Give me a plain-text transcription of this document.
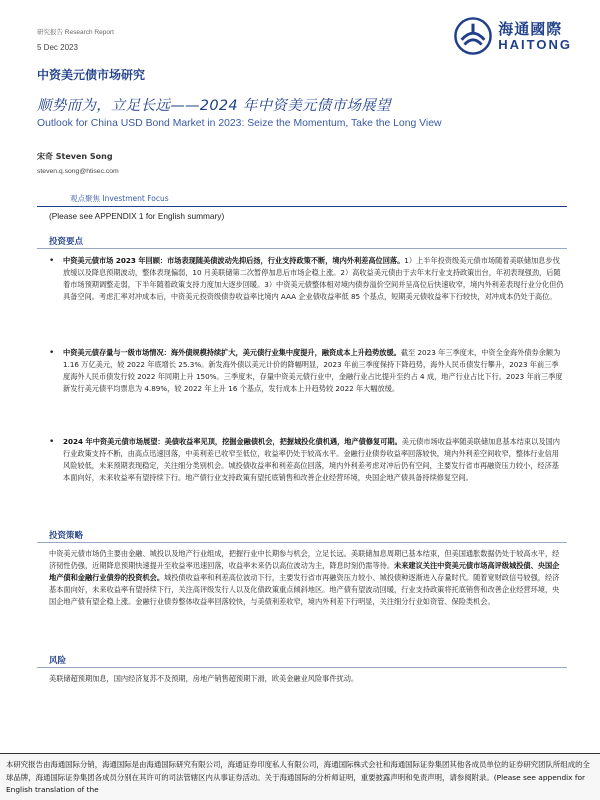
研究报告 Research Report
5 Dec 2023
海通國際
HAITONG
中资美元债市场研究
顺势而为，立足长远——2024 年中资美元债市场展望
Outlook for China USD Bond Market in 2023: Seize the Momentum, Take the Long View
宋奇 Steven Song
steven.q.song@htisec.com
观点聚焦 Investment Focus
(Please see APPENDIX 1 for English summary)
投资要点
• 中资美元债市场 2023 年回顾：市场表现随美债波动先抑后扬，行业支持政策不断，境内外利差高位回落。1）上半年投资级美元债市场随着美联储加息步伐放缓以及降息预期波动，整体表现偏弱，10 月美联储第二次暂停加息后市场企稳上涨。2）高收益美元债由于去年末行业支持政策出台，年初表现强劲，后随着市场预期调整走弱，下半年随着政策支持力度加大逐步回暖。3）中资美元债整体相对境内债券溢价空间并呈高位后快速收窄，境内外利差表现行业分化但仍具备空间。考虑汇率对冲成本后，中资美元投资级债券收益率比境内 AAA 企业债收益率低 85 个基点，短期美元债收益率下行较快，对冲成本仍处于高位。
• 中资美元债存量与一级市场情况：海外债规模持续扩大，美元债行业集中度提升，融资成本上升趋势放缓。截至 2023 年三季度末，中资全金海外债券余额为 1.16 万亿美元，较 2022 年底增长 25.3%。新发海外债以美元计价的降幅明显，2023 年前三季度保持下降趋势，海外人民币债发行攀升，2023 年前三季度海外人民币债发行较 2022 年同期上升 150%。三季度末，存量中资美元债行业中，金融行业占比提升至约占 4 成，地产行业占比下行。2023 年前三季度新发行美元债平均票息为 4.89%，较 2022 年上升 16 个基点，发行成本上升趋势较 2022 年大幅放缓。
• 2024 年中资美元债市场展望：美债收益率见顶，挖掘金融债机会，把握城投化债机遇，地产债修复可期。美元债市场收益率随美联储加息基本结束以及国内行业政策支持不断，由高点迅速回落，中美利差已收窄至低位，收益率仍处于较高水平。金融行业债券收益率回落较快，境内外利差空间收窄，整体行业信用风险较低，未来预期表现稳定，关注细分类别机会。城投债收益率和利差高位回落，境内外利差考虑对冲后仍有空间，主要发行省市再融资压力较小，经济基本面向好，未来收益率有望持续下行。地产债行业支持政策有望托底销售和改善企业经营环境，央国企地产债具备持续修复空间。
投资策略
中资美元债市场仍主要由金融、城投以及地产行业组成，把握行业中长期参与机会，立足长远。美联储加息周期已基本结束，但美国通胀数据仍处于较高水平，经济韧性仍强，近期降息预期快速提升至收益率迅速回落，收益率未来仍以高位波动为主，降息时刻仍需等待。未来建议关注中资美元债市场高评级城投债、央国企地产债和金融行业债券的投资机会。城投债收益率和利差高位波动下行，主要发行省市再融资压力较小、城投债种逐渐进入存量时代。随着宽财政信号较强，经济基本面向好，未来收益率有望持续下行，关注高评级发行人以及化债政策重点倾斜地区。地产债有望波动回暖，行业支持政策将托底销售和改善企业经营环境，央国企地产债有望企稳上涨。金融行业债券整体收益率回落较快，与美债利差收窄，境内外利差下行明显，关注细分行业如资管、保险类机会。
风险
美联储超预期加息，国内经济复苏不及预期，房地产销售超预期下滑，欧美金融业风险事件扰动。
本研究报告由海通国际分销，海通国际是由海通国际研究有限公司，海通证券印度私人有限公司，海通国际株式会社和海通国际证券集团其他各成员单位的证券研究团队所组成的全球品牌，海通国际证券集团各成员分别在其许可的司法管辖区内从事证券活动。关于海通国际的分析师证明，重要披露声明和免责声明，请参阅附录。(Please see appendix for English translation of the
